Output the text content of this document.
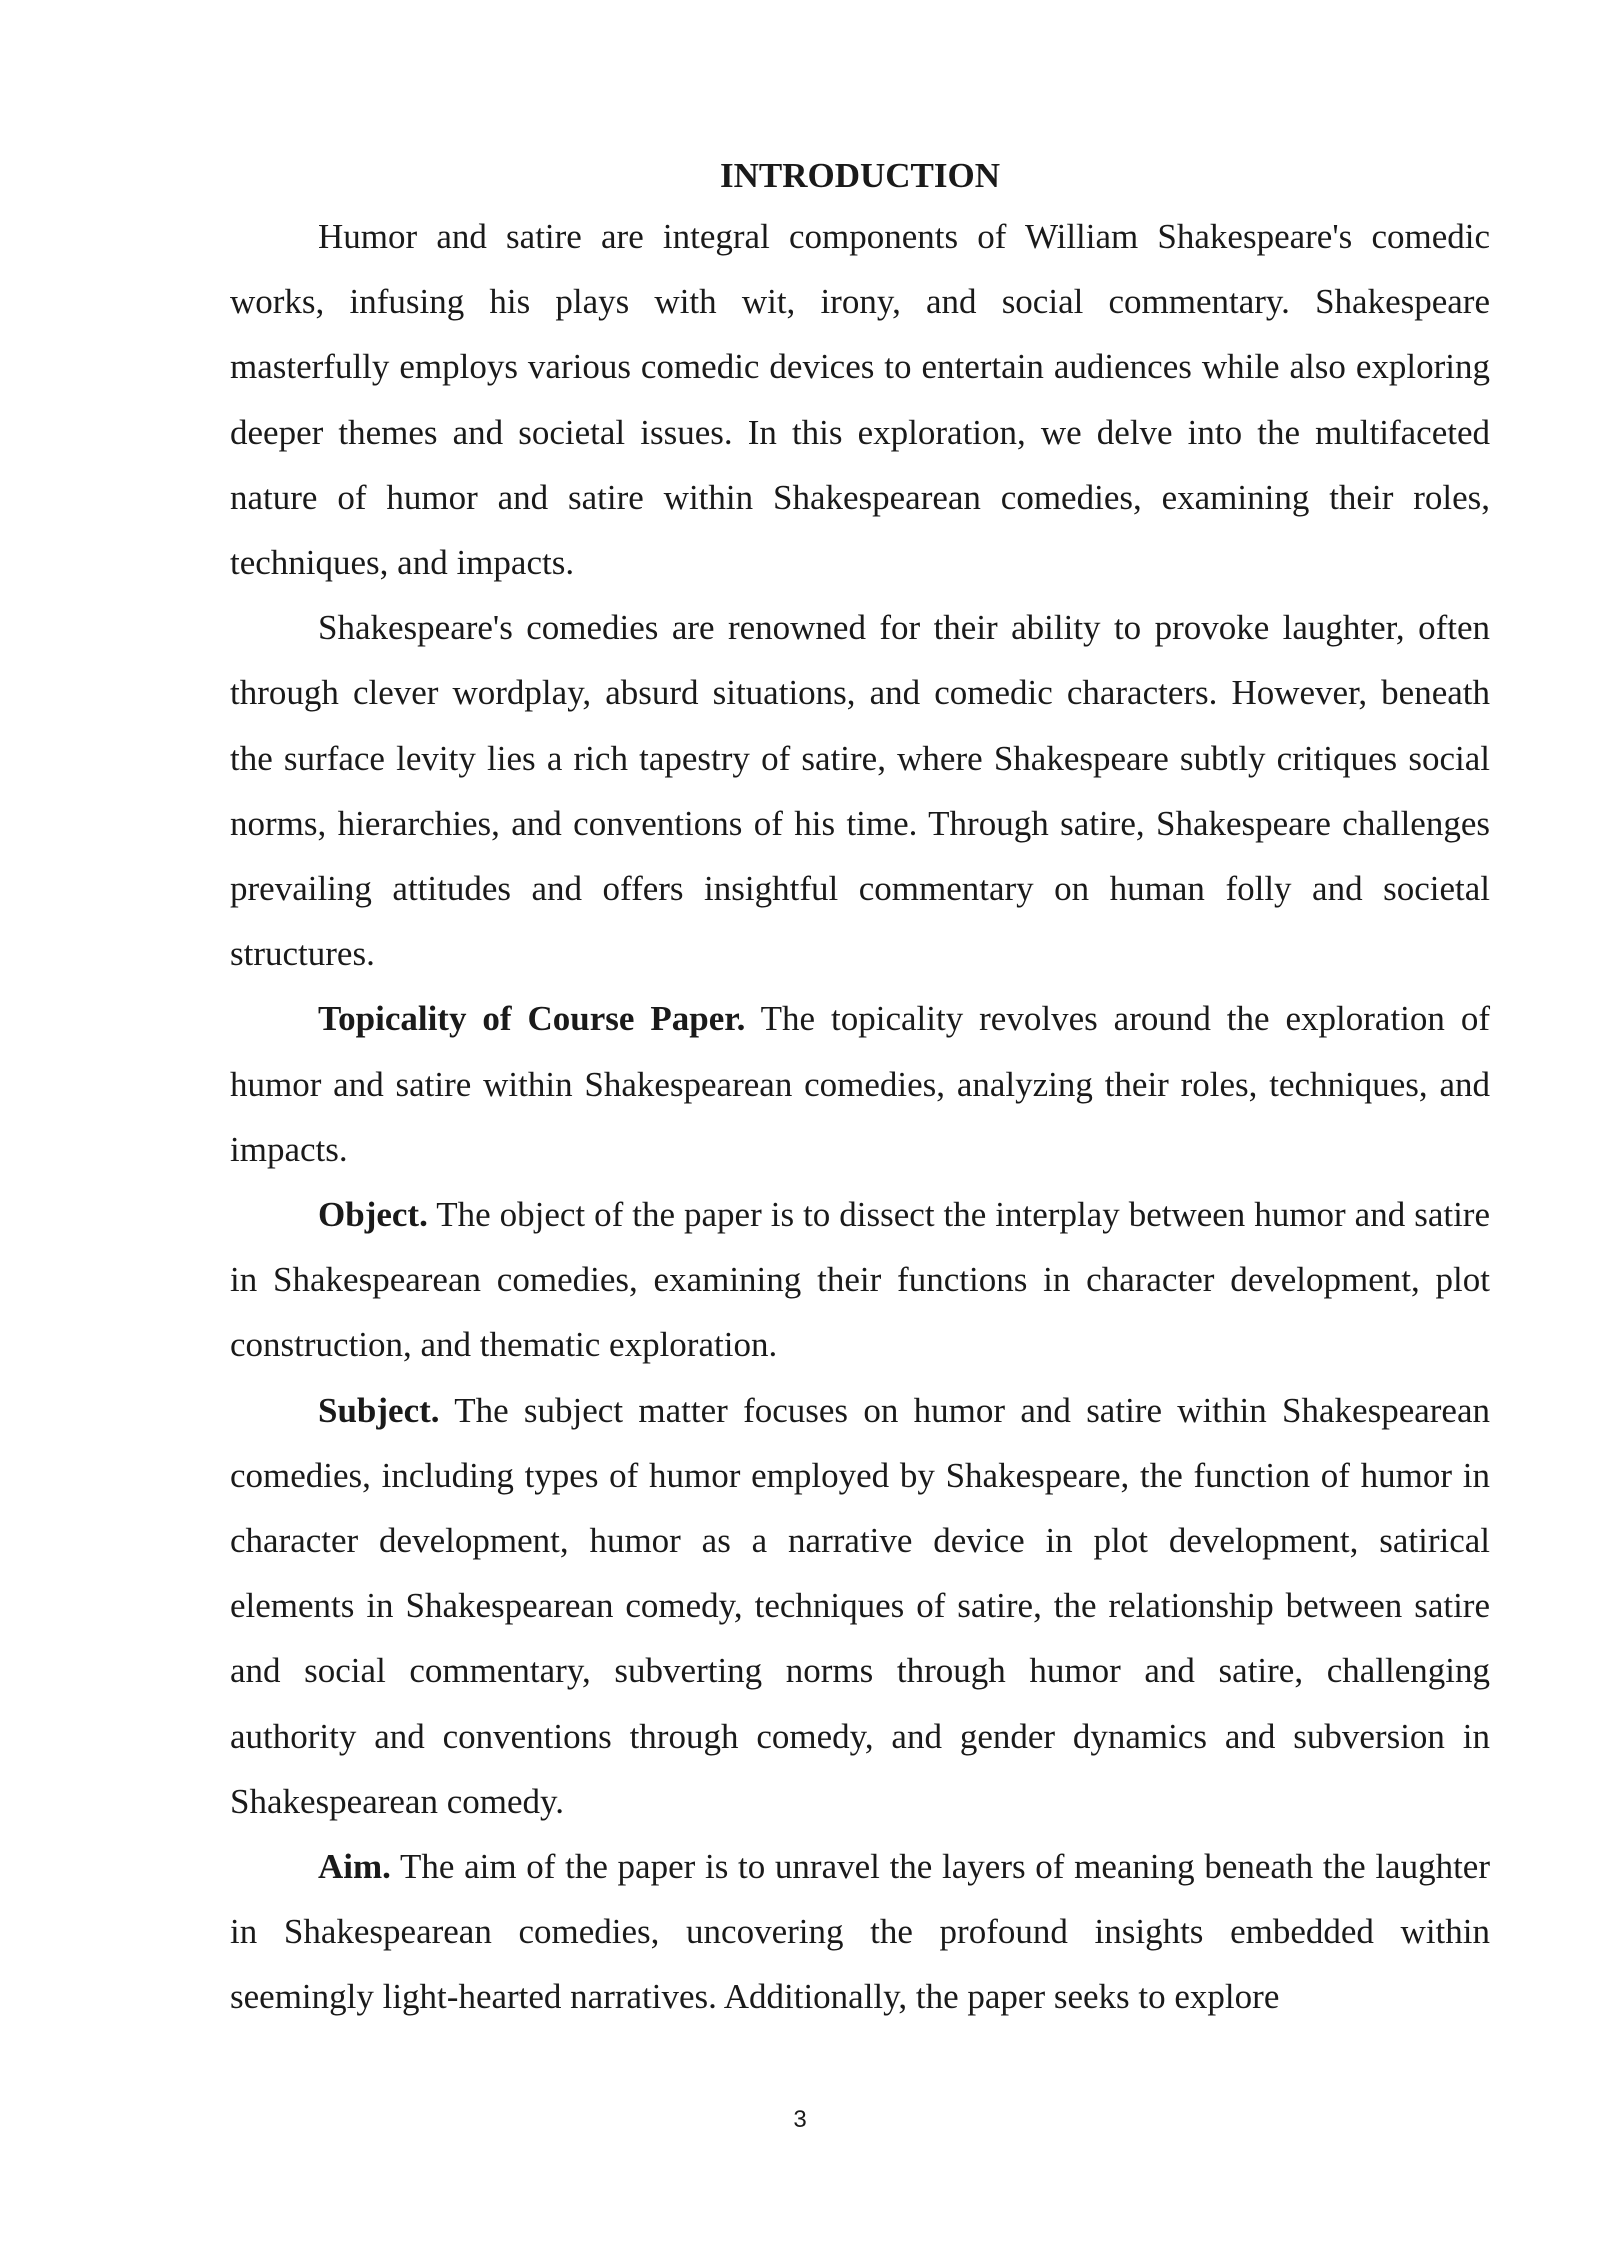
INTRODUCTION

Humor and satire are integral components of William Shakespeare's comedic works, infusing his plays with wit, irony, and social commentary. Shakespeare masterfully employs various comedic devices to entertain audiences while also exploring deeper themes and societal issues. In this exploration, we delve into the multifaceted nature of humor and satire within Shakespearean comedies, examining their roles, techniques, and impacts.

Shakespeare's comedies are renowned for their ability to provoke laughter, often through clever wordplay, absurd situations, and comedic characters. However, beneath the surface levity lies a rich tapestry of satire, where Shakespeare subtly critiques social norms, hierarchies, and conventions of his time. Through satire, Shakespeare challenges prevailing attitudes and offers insightful commentary on human folly and societal structures.

Topicality of Course Paper. The topicality revolves around the exploration of humor and satire within Shakespearean comedies, analyzing their roles, techniques, and impacts.

Object. The object of the paper is to dissect the interplay between humor and satire in Shakespearean comedies, examining their functions in character development, plot construction, and thematic exploration.

Subject. The subject matter focuses on humor and satire within Shakespearean comedies, including types of humor employed by Shakespeare, the function of humor in character development, humor as a narrative device in plot development, satirical elements in Shakespearean comedy, techniques of satire, the relationship between satire and social commentary, subverting norms through humor and satire, challenging authority and conventions through comedy, and gender dynamics and subversion in Shakespearean comedy.

Aim. The aim of the paper is to unravel the layers of meaning beneath the laughter in Shakespearean comedies, uncovering the profound insights embedded within seemingly light-hearted narratives. Additionally, the paper seeks to explore

3
